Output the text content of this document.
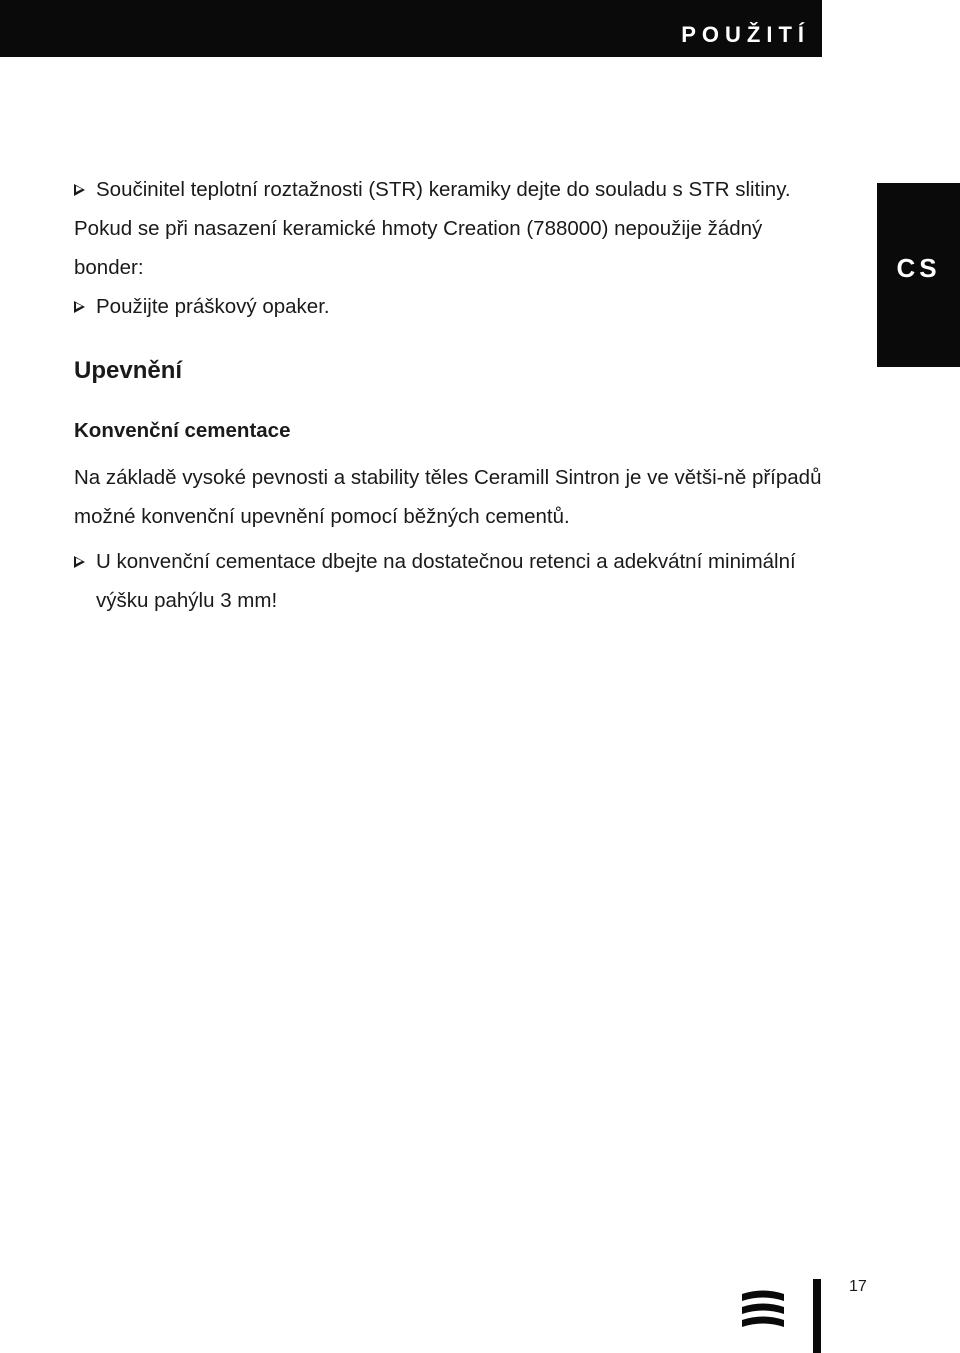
POUŽITÍ
CS

Součinitel teplotní roztažnosti (STR) keramiky dejte do souladu s STR slitiny.

Pokud se při nasazení keramické hmoty Creation (788000) nepoužije žádný bonder:

Použijte práškový opaker.

Upevnění
Konvenční cementace

Na základě vysoké pevnosti a stability těles Ceramill Sintron je ve větši-ně případů možné konvenční upevnění pomocí běžných cementů.

U konvenční cementace dbejte na dostatečnou retenci a adekvátní minimální výšku pahýlu 3 mm!

17
